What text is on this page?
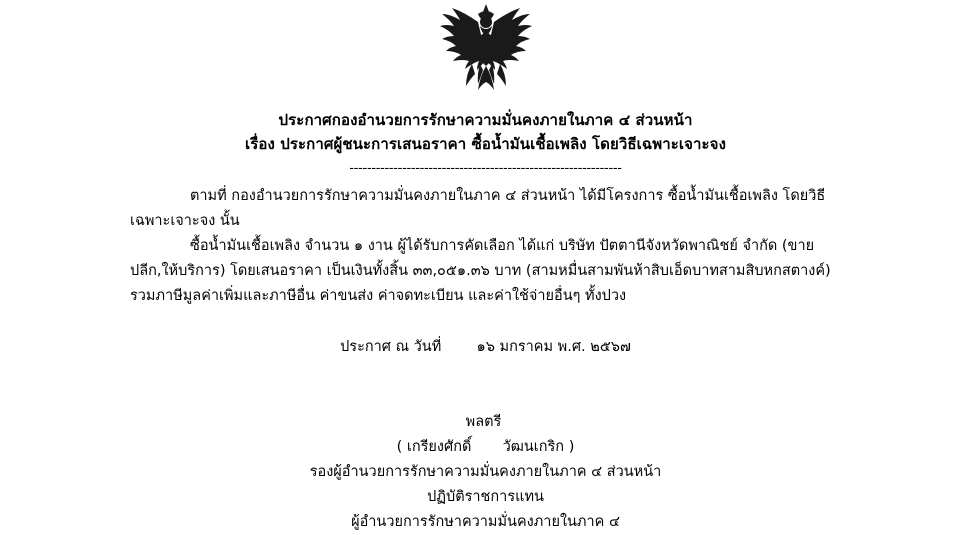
ประกาศกองอำนวยการรักษาความมั่นคงภายในภาค ๔ ส่วนหน้า
เรื่อง ประกาศผู้ชนะการเสนอราคา ซื้อน้ำมันเชื้อเพลิง โดยวิธีเฉพาะเจาะจง
--------------------------------------------------------------

ตามที่ กองอำนวยการรักษาความมั่นคงภายในภาค ๔ ส่วนหน้า ได้มีโครงการ ซื้อน้ำมันเชื้อเพลิง โดยวิธี

เฉพาะเจาะจง นั้น

ซื้อน้ำมันเชื้อเพลิง จำนวน ๑ งาน ผู้ได้รับการคัดเลือก ได้แก่ บริษัท ปัตตานีจังหวัดพาณิชย์ จำกัด (ขาย

ปลีก,ให้บริการ) โดยเสนอราคา เป็นเงินทั้งสิ้น ๓๓,๐๕๑.๓๖ บาท (สามหมื่นสามพันห้าสิบเอ็ดบาทสามสิบหกสตางค์)

รวมภาษีมูลค่าเพิ่มและภาษีอื่น ค่าขนส่ง ค่าจดทะเบียน และค่าใช้จ่ายอื่นๆ ทั้งปวง

ประกาศ ณ วันที่ ๑๖ มกราคม พ.ศ. ๒๕๖๗
พลตรี
( เกรียงศักดิ์ วัฒนเกริก )
รองผู้อำนวยการรักษาความมั่นคงภายในภาค ๔ ส่วนหน้า
ปฏิบัติราชการแทน
ผู้อำนวยการรักษาความมั่นคงภายในภาค ๔
